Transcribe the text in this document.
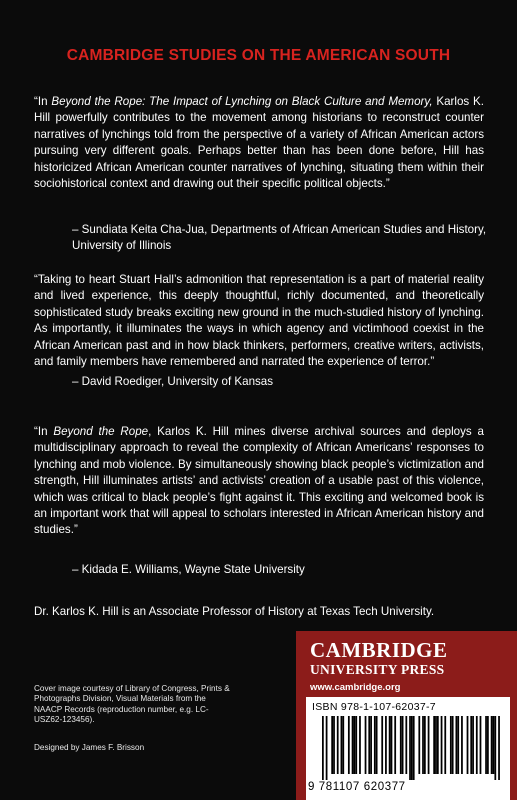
CAMBRIDGE STUDIES ON THE AMERICAN SOUTH
“In Beyond the Rope: The Impact of Lynching on Black Culture and Memory, Karlos K. Hill powerfully contributes to the movement among historians to reconstruct counter narratives of lynchings told from the perspective of a variety of African American actors pursuing very different goals. Perhaps better than has been done before, Hill has historicized African American counter narratives of lynching, situating them within their sociohistorical context and drawing out their specific political objects.”
– Sundiata Keita Cha-Jua, Departments of African American Studies and History, University of Illinois
“Taking to heart Stuart Hall’s admonition that representation is a part of material reality and lived experience, this deeply thoughtful, richly documented, and theoretically sophisticated study breaks exciting new ground in the much-studied history of lynching. As importantly, it illuminates the ways in which agency and victimhood coexist in the African American past and in how black thinkers, performers, creative writers, activists, and family members have remembered and narrated the experience of terror.”
– David Roediger, University of Kansas
“In Beyond the Rope, Karlos K. Hill mines diverse archival sources and deploys a multidisciplinary approach to reveal the complexity of African Americans’ responses to lynching and mob violence. By simultaneously showing black people’s victimization and strength, Hill illuminates artists’ and activists’ creation of a usable past of this violence, which was critical to black people’s fight against it. This exciting and welcomed book is an important work that will appeal to scholars interested in African American history and studies.”
– Kidada E. Williams, Wayne State University
Dr. Karlos K. Hill is an Associate Professor of History at Texas Tech University.
Cover image courtesy of Library of Congress, Prints & Photographs Division, Visual Materials from the NAACP Records (reproduction number, e.g. LC-USZ62-123456).
Designed by James F. Brisson
CAMBRIDGE
UNIVERSITY PRESS
www.cambridge.org
ISBN 978-1-107-62037-7
9 781107 620377
